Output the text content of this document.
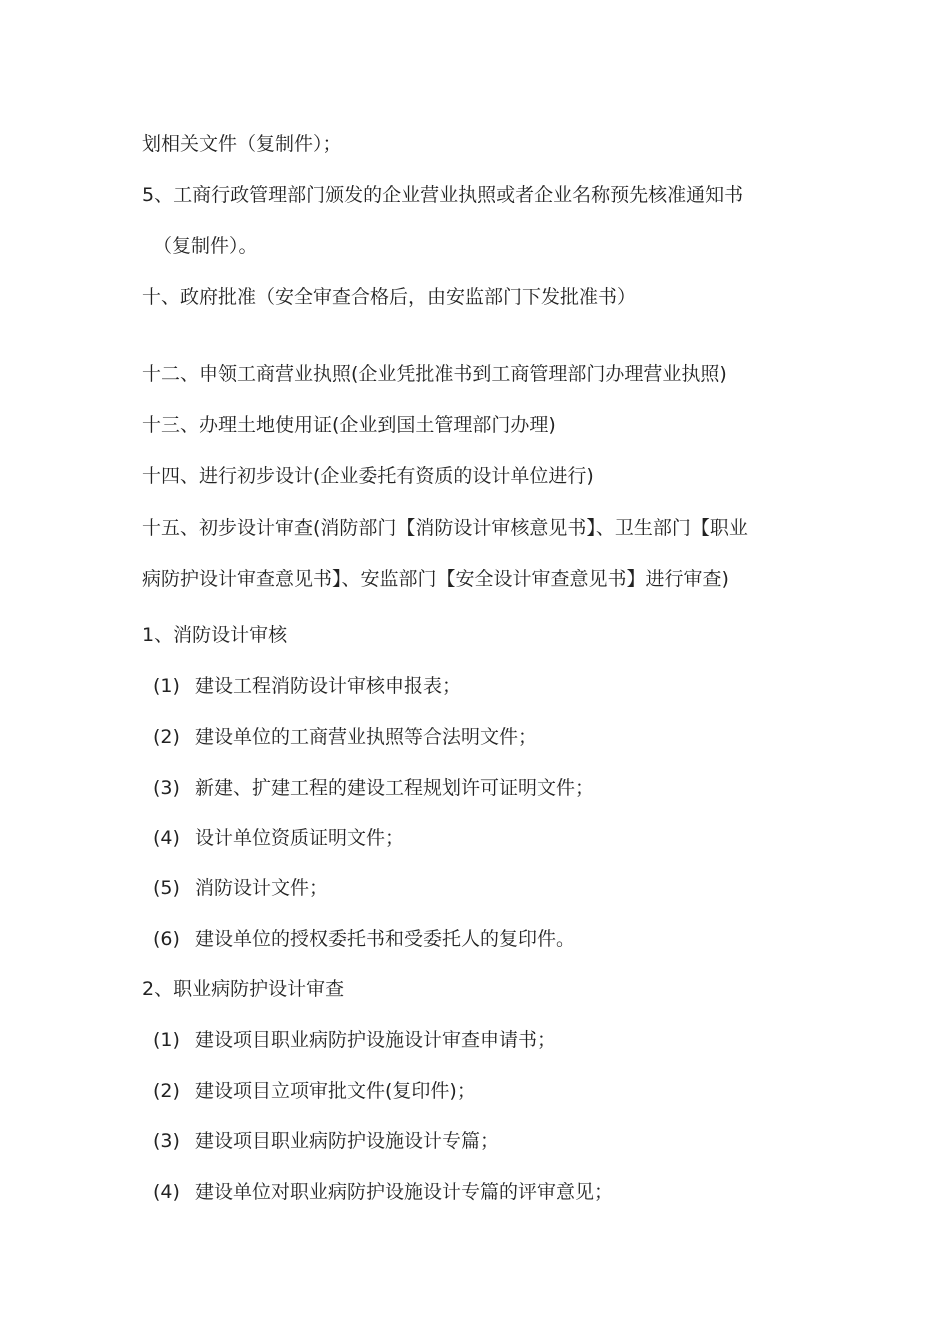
划相关文件（复制件）；
5、工商行政管理部门颁发的企业营业执照或者企业名称预先核准通知书
（复制件）。
十、政府批准（安全审查合格后，由安监部门下发批准书）
十二、申领工商营业执照(企业凭批准书到工商管理部门办理营业执照)
十三、办理土地使用证(企业到国土管理部门办理)
十四、进行初步设计(企业委托有资质的设计单位进行)
十五、初步设计审查(消防部门【消防设计审核意见书】、卫生部门【职业
病防护设计审查意见书】、安监部门【安全设计审查意见书】进行审查)
1、消防设计审核
(1) 建设工程消防设计审核申报表；
(2) 建设单位的工商营业执照等合法明文件；
(3) 新建、扩建工程的建设工程规划许可证明文件；
(4) 设计单位资质证明文件；
(5) 消防设计文件；
(6) 建设单位的授权委托书和受委托人的复印件。
2、职业病防护设计审查
(1) 建设项目职业病防护设施设计审查申请书；
(2) 建设项目立项审批文件(复印件)；
(3) 建设项目职业病防护设施设计专篇；
(4) 建设单位对职业病防护设施设计专篇的评审意见；
